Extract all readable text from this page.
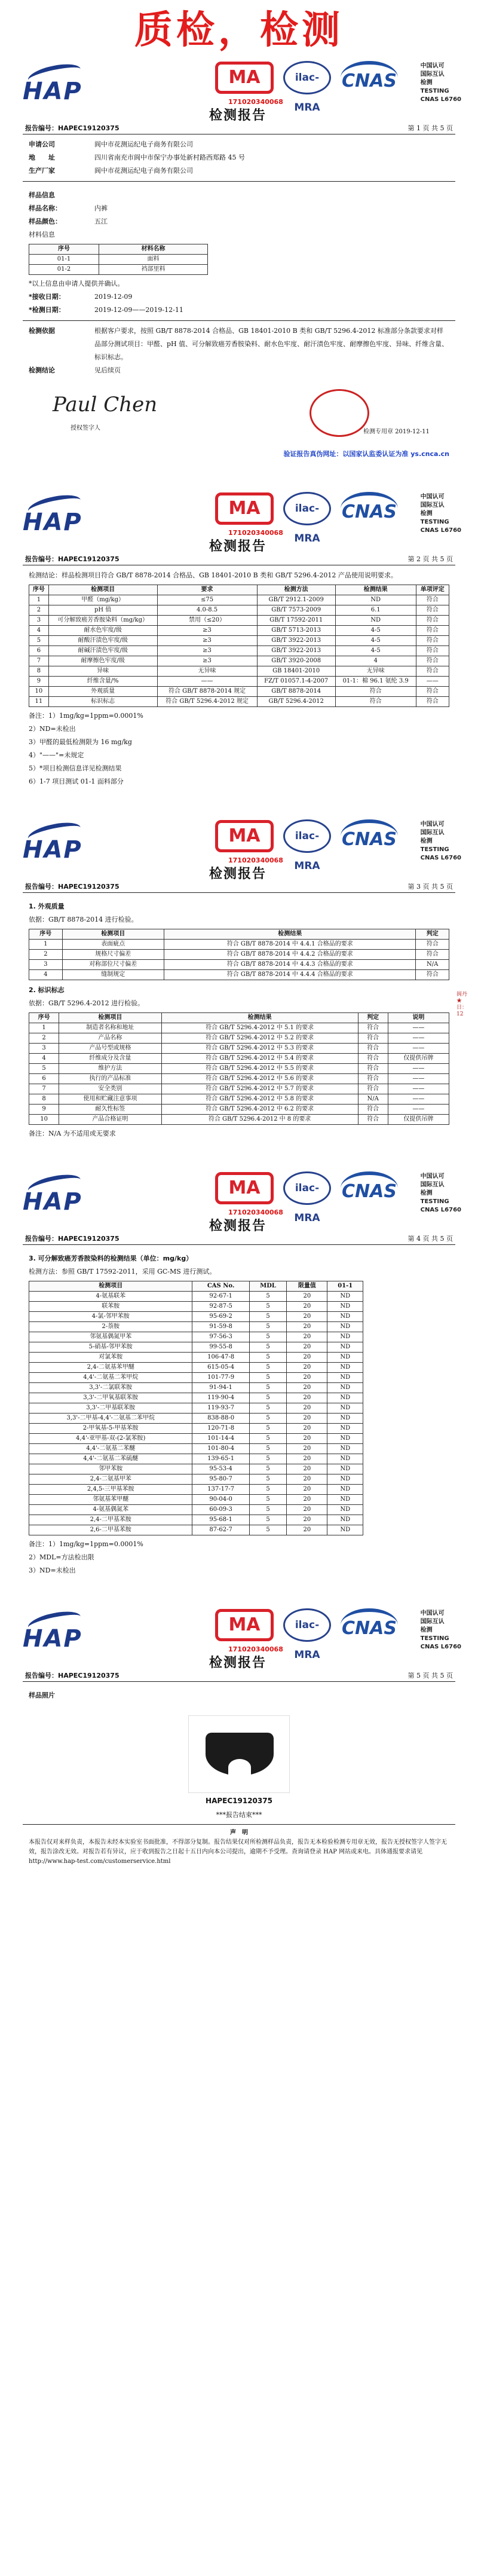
质检，检测
HAP
MA	ilac-MRA
CNAS
中国认可
国际互认
检测
TESTING
CNAS L6760
171020340068
检测报告
报告编号：HAPEC19120375	第 1 页 共 5 页
申请公司	阆中市花测运纪电子商务有限公司
地　　址	四川省南充市阆中市保宁办事处新村路西郑路 45 号
生产厂家	阆中市花测运纪电子商务有限公司
样品信息
样品名称：	内裤
样品颜色：	五江
材料信息
序号	材料名称
01-1	面料
01-2	裆部里料
*以上信息由申请人提供并确认。
*接收日期：	2019-12-09
*检测日期：	2019-12-09——2019-12-11
检测依据	根据客户要求，按照 GB/T 8878-2014 合格品、GB 18401-2010 B 类和 GB/T 5296.4-2012 标准部分条款要求对样品部分测试项目：甲醛、pH 值、可分解致癌芳香胺染料、耐水色牢度、耐汗渍色牢度、耐摩擦色牢度、异味、纤维含量、标识标志。
检测结论	见后续页
Paul Chen
授权签字人
检测专用章 2019-12-11
验证报告真伪网址：以国家认监委认证为准 ys.cnca.cn
HAP
MA	ilac-MRA
CNAS
中国认可
国际互认
检测
TESTING
CNAS L6760
171020340068
检测报告
报告编号：HAPEC19120375	第 2 页 共 5 页
检测结论：样品检测项目符合 GB/T 8878-2014 合格品、GB 18401-2010 B 类和 GB/T 5296.4-2012 产品使用说明要求。
序号	检测项目	要求	检测方法	检测结果	单项评定
1	甲醛（mg/kg）	≤75	GB/T 2912.1-2009	ND	符合
2	pH 值	4.0-8.5	GB/T 7573-2009	6.1	符合
3	可分解致癌芳香胺染料（mg/kg）	禁用（≤20）	GB/T 17592-2011	ND	符合
4	耐水色牢度/级	≥3	GB/T 5713-2013	4-5	符合
5	耐酸汗渍色牢度/级	≥3	GB/T 3922-2013	4-5	符合
6	耐碱汗渍色牢度/级	≥3	GB/T 3922-2013	4-5	符合
7	耐摩擦色牢度/级	≥3	GB/T 3920-2008	4	符合
8	异味	无异味	GB 18401-2010	无异味	符合
9	纤维含量/%	——	FZ/T 01057.1-4-2007	01-1：棉 96.1 氨纶 3.9	——
10	外观质量	符合 GB/T 8878-2014 规定	GB/T 8878-2014	符合	符合
11	标识标志	符合 GB/T 5296.4-2012 规定	GB/T 5296.4-2012	符合	符合
备注：1）1mg/kg=1ppm=0.0001%
2）ND=未检出
3）甲醛的最低检测限为 16 mg/kg
4）"——"=未规定
5）*项目检测信息详见检测结果
6）1-7 项目测试 01-1 面料部分
HAP
MA	ilac-MRA
CNAS
中国认可
国际互认
检测
TESTING
CNAS L6760
171020340068
检测报告
报告编号：HAPEC19120375	第 3 页 共 5 页
阆丹★日：12
1. 外观质量
依据：GB/T 8878-2014 进行检验。
序号	检测项目	检测结果	判定
1	表面疵点	符合 GB/T 8878-2014 中 4.4.1 合格品的要求	符合
2	规格尺寸偏差	符合 GB/T 8878-2014 中 4.4.2 合格品的要求	符合
3	对称部位尺寸偏差	符合 GB/T 8878-2014 中 4.4.3 合格品的要求	N/A
4	缝制规定	符合 GB/T 8878-2014 中 4.4.4 合格品的要求	符合
2. 标识标志
依据：GB/T 5296.4-2012 进行检验。
序号	检测项目	检测结果	判定	说明
1	制造者名称和地址	符合 GB/T 5296.4-2012 中 5.1 的要求	符合	——
2	产品名称	符合 GB/T 5296.4-2012 中 5.2 的要求	符合	——
3	产品号型或规格	符合 GB/T 5296.4-2012 中 5.3 的要求	符合	——
4	纤维成分及含量	符合 GB/T 5296.4-2012 中 5.4 的要求	符合	仅提供吊牌
5	维护方法	符合 GB/T 5296.4-2012 中 5.5 的要求	符合	——
6	执行的产品标准	符合 GB/T 5296.4-2012 中 5.6 的要求	符合	——
7	安全类别	符合 GB/T 5296.4-2012 中 5.7 的要求	符合	——
8	使用和贮藏注意事项	符合 GB/T 5296.4-2012 中 5.8 的要求	N/A	——
9	耐久性标签	符合 GB/T 5296.4-2012 中 6.2 的要求	符合	——
10	产品合格证明	符合 GB/T 5296.4-2012 中 8 的要求	符合	仅提供吊牌
备注：N/A 为不适用或无要求
HAP
MA	ilac-MRA
CNAS
中国认可
国际互认
检测
TESTING
CNAS L6760
171020340068
检测报告
报告编号：HAPEC19120375	第 4 页 共 5 页
3. 可分解致癌芳香胺染料的检测结果（单位：mg/kg）
检测方法：参照 GB/T 17592-2011，采用 GC-MS 进行测试。
检测项目	CAS No.	MDL	限量值	01-1
4-氨基联苯	92-67-1	5	20	ND
联苯胺	92-87-5	5	20	ND
4-氯-邻甲苯胺	95-69-2	5	20	ND
2-萘胺	91-59-8	5	20	ND
邻氨基偶氮甲苯	97-56-3	5	20	ND
5-硝基-邻甲苯胺	99-55-8	5	20	ND
对氯苯胺	106-47-8	5	20	ND
2,4-二氨基苯甲醚	615-05-4	5	20	ND
4,4'-二氨基二苯甲烷	101-77-9	5	20	ND
3,3'-二氯联苯胺	91-94-1	5	20	ND
3,3'-二甲氧基联苯胺	119-90-4	5	20	ND
3,3'-二甲基联苯胺	119-93-7	5	20	ND
3,3'-二甲基-4,4'-二氨基二苯甲烷	838-88-0	5	20	ND
2-甲氧基-5-甲基苯胺	120-71-8	5	20	ND
4,4'-亚甲基-双-(2-氯苯胺)	101-14-4	5	20	ND
4,4'-二氨基二苯醚	101-80-4	5	20	ND
4,4'-二氨基二苯硫醚	139-65-1	5	20	ND
邻甲苯胺	95-53-4	5	20	ND
2,4-二氨基甲苯	95-80-7	5	20	ND
2,4,5-三甲基苯胺	137-17-7	5	20	ND
邻氨基苯甲醚	90-04-0	5	20	ND
4-氨基偶氮苯	60-09-3	5	20	ND
2,4-二甲基苯胺	95-68-1	5	20	ND
2,6-二甲基苯胺	87-62-7	5	20	ND
备注：1）1mg/kg=1ppm=0.0001%
2）MDL=方法检出限
3）ND=未检出
HAP
MA	ilac-MRA
CNAS
中国认可
国际互认
检测
TESTING
CNAS L6760
171020340068
检测报告
报告编号：HAPEC19120375	第 5 页 共 5 页
样品照片
HAPEC19120375
***报告结束***
声　明
本报告仅对来样负责，本报告未经本实验室书面批准，不得部分复制。报告结果仅对所检测样品负责，报告无本检验检测专用章无效，报告无授权签字人签字无效，报告涂改无效。对报告若有异议，应于收到报告之日起十五日内向本公司提出，逾期不予受理。查询请登录 HAP 网站或来电。具体通报要求请见 http://www.hap-test.com/customerservice.html
